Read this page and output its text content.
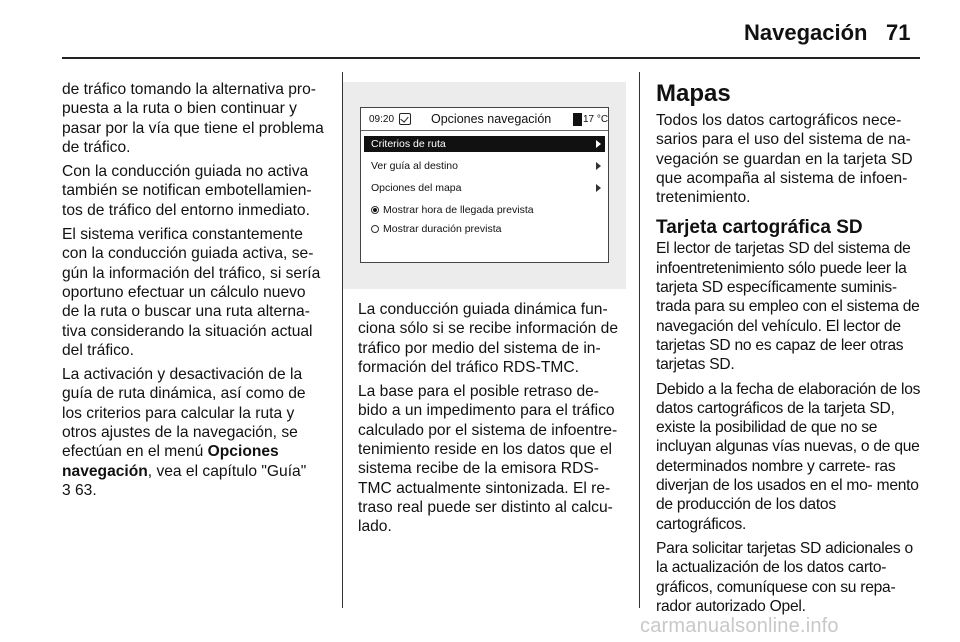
Navegación 71

de tráfico tomando la alternativa pro- puesta a la ruta o bien continuar y pasar por la vía que tiene el problema de tráfico.

Con la conducción guiada no activa también se notifican embotellamien- tos de tráfico del entorno inmediato.

El sistema verifica constantemente con la conducción guiada activa, se- gún la información del tráfico, si sería oportuno efectuar un cálculo nuevo de la ruta o buscar una ruta alterna- tiva considerando la situación actual del tráfico.

La activación y desactivación de la guía de ruta dinámica, así como de los criterios para calcular la ruta y otros ajustes de la navegación, se efectúan en el menú Opciones navegación, vea el capítulo "Guía"
3 63.

09:20	Opciones navegación	17 °C
Criterios de ruta
Ver guía al destino
Opciones del mapa
Mostrar hora de llegada prevista
Mostrar duración prevista

La conducción guiada dinámica fun- ciona sólo si se recibe información de tráfico por medio del sistema de in- formación del tráfico RDS-TMC.

La base para el posible retraso de- bido a un impedimento para el tráfico calculado por el sistema de infoentre- tenimiento reside en los datos que el sistema recibe de la emisora RDS- TMC actualmente sintonizada. El re- traso real puede ser distinto al calcu- lado.

Mapas

Todos los datos cartográficos nece- sarios para el uso del sistema de na- vegación se guardan en la tarjeta SD que acompaña al sistema de infoen- tretenimiento.

Tarjeta cartográfica SD

El lector de tarjetas SD del sistema de infoentretenimiento sólo puede leer la tarjeta SD específicamente suminis- trada para su empleo con el sistema de navegación del vehículo. El lector de tarjetas SD no es capaz de leer otras tarjetas SD.

Debido a la fecha de elaboración de los datos cartográficos de la tarjeta SD, existe la posibilidad de que no se incluyan algunas vías nuevas, o de que determinados nombre y carrete- ras diverjan de los usados en el mo- mento de producción de los datos cartográficos.

Para solicitar tarjetas SD adicionales o la actualización de los datos carto- gráficos, comuníquese con su repa- rador autorizado Opel.

carmanualsonline.info
